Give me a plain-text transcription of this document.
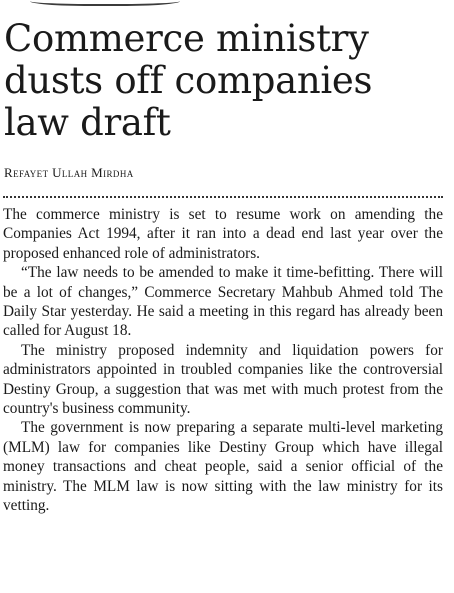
Commerce ministry dusts off companies law draft
Refayet Ullah Mirdha

The commerce ministry is set to resume work on amending the Companies Act 1994, after it ran into a dead end last year over the proposed enhanced role of administrators.

“The law needs to be amended to make it time-befitting. There will be a lot of changes,” Commerce Secretary Mahbub Ahmed told The Daily Star yesterday. He said a meeting in this regard has already been called for August 18.

The ministry proposed indemnity and liquidation powers for administrators appointed in troubled companies like the controversial Destiny Group, a suggestion that was met with much protest from the country's business community.

The government is now preparing a separate multi-level marketing (MLM) law for companies like Destiny Group which have illegal money transactions and cheat people, said a senior official of the ministry. The MLM law is now sitting with the law ministry for its vetting.
